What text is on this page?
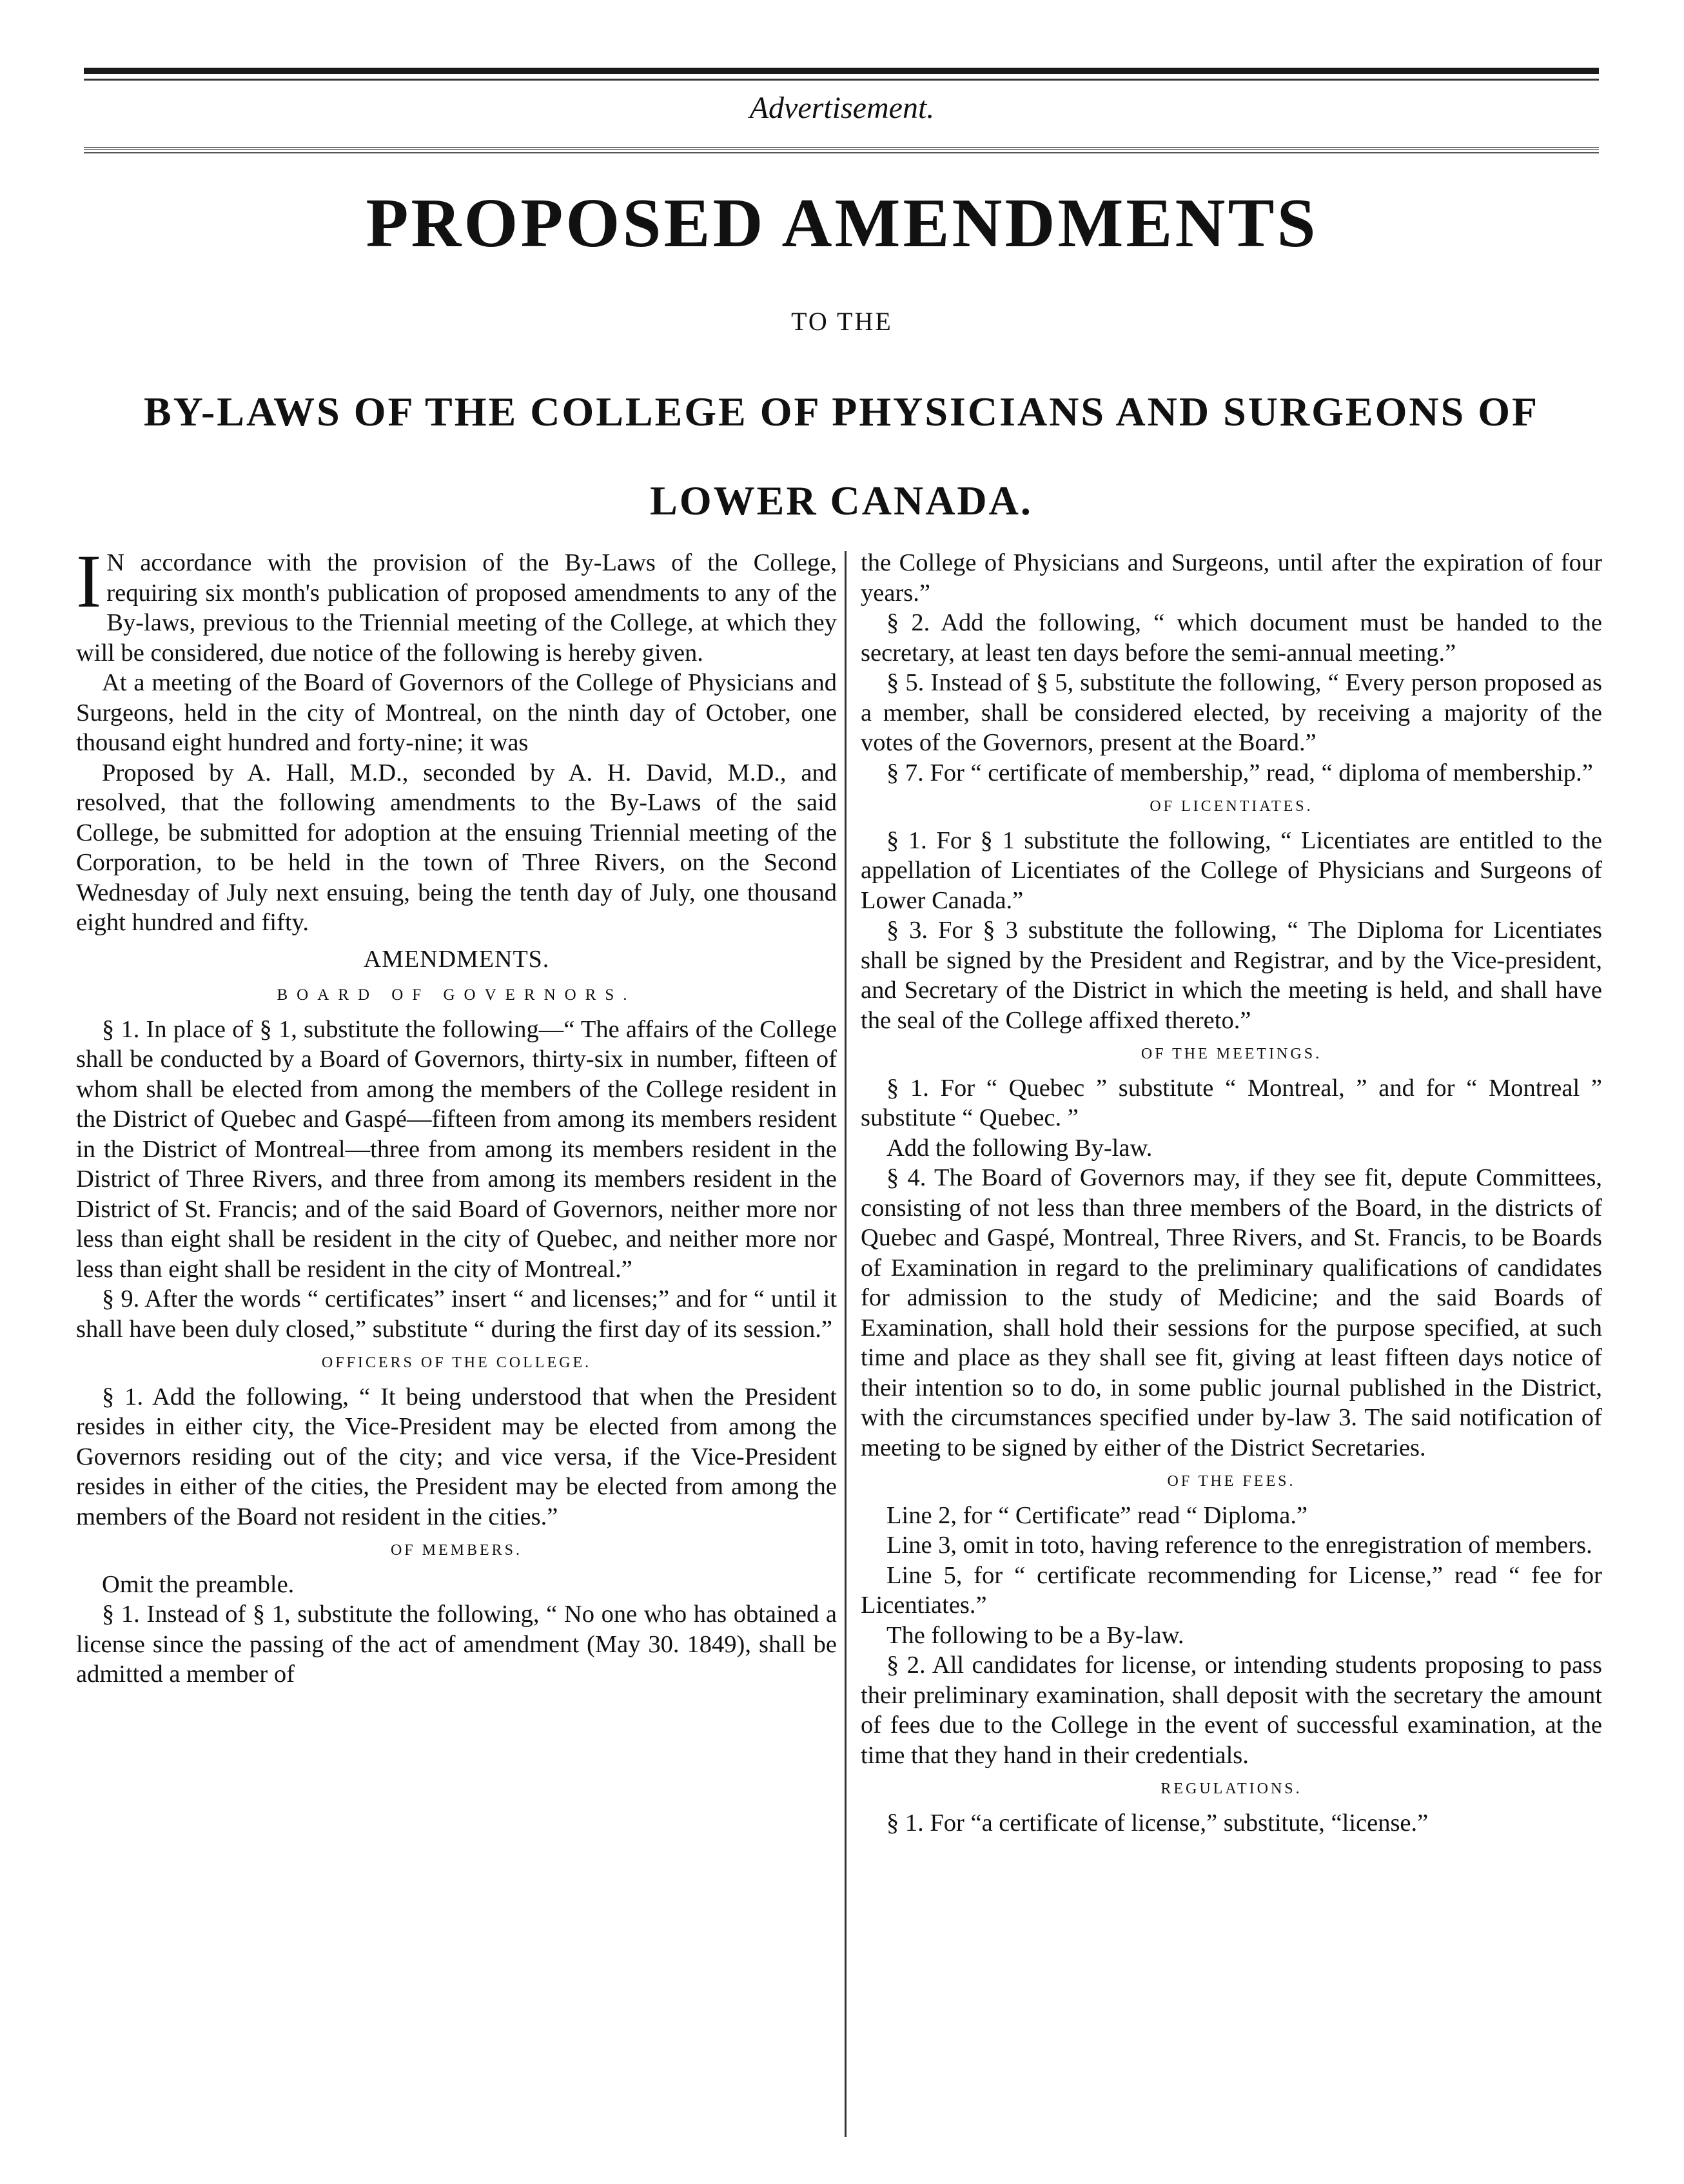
Advertisement.
PROPOSED AMENDMENTS
TO THE
BY-LAWS OF THE COLLEGE OF PHYSICIANS AND SURGEONS OF
LOWER CANADA.

I N accordance with the provision of the By-Laws of the College, requiring six month's publication of proposed amendments to any of the By-laws, previous to the Triennial meeting of the College, at which they will be considered, due notice of the following is hereby given.

At a meeting of the Board of Governors of the College of Physicians and Surgeons, held in the city of Montreal, on the ninth day of October, one thousand eight hundred and forty-nine; it was

Proposed by A. Hall, M.D., seconded by A. H. David, M.D., and resolved, that the following amendments to the By-Laws of the said College, be submitted for adoption at the ensuing Triennial meeting of the Corporation, to be held in the town of Three Rivers, on the Second Wednesday of July next ensuing, being the tenth day of July, one thousand eight hundred and fifty.

AMENDMENTS.
BOARD OF GOVERNORS.

§ 1. In place of § 1, substitute the following—“ The affairs of the College shall be conducted by a Board of Governors, thirty-six in number, fifteen of whom shall be elected from among the members of the College resident in the District of Quebec and Gaspé—fifteen from among its members resident in the District of Montreal—three from among its members resident in the District of Three Rivers, and three from among its members resident in the District of St. Francis; and of the said Board of Governors, neither more nor less than eight shall be resident in the city of Quebec, and neither more nor less than eight shall be resident in the city of Montreal.”

§ 9. After the words “ certificates” insert “ and licenses;” and for “ until it shall have been duly closed,” substitute “ during the first day of its session.”

OFFICERS OF THE COLLEGE.

§ 1. Add the following, “ It being understood that when the President resides in either city, the Vice-President may be elected from among the Governors residing out of the city; and vice versa, if the Vice-President resides in either of the cities, the President may be elected from among the members of the Board not resident in the cities.”

OF MEMBERS.

Omit the preamble.

§ 1. Instead of § 1, substitute the following, “ No one who has obtained a license since the passing of the act of amendment (May 30. 1849), shall be admitted a member of

the College of Physicians and Surgeons, until after the expiration of four years.”

§ 2. Add the following, “ which document must be handed to the secretary, at least ten days before the semi-annual meeting.”

§ 5. Instead of § 5, substitute the following, “ Every person proposed as a member, shall be considered elected, by receiving a majority of the votes of the Governors, present at the Board.”

§ 7. For “ certificate of membership,” read, “ diploma of membership.”

OF LICENTIATES.

§ 1. For § 1 substitute the following, “ Licentiates are entitled to the appellation of Licentiates of the College of Physicians and Surgeons of Lower Canada.”

§ 3. For § 3 substitute the following, “ The Diploma for Licentiates shall be signed by the President and Registrar, and by the Vice-president, and Secretary of the District in which the meeting is held, and shall have the seal of the College affixed thereto.”

OF THE MEETINGS.

§ 1. For “ Quebec ” substitute “ Montreal, ” and for “ Montreal ” substitute “ Quebec. ”

Add the following By-law.

§ 4. The Board of Governors may, if they see fit, depute Committees, consisting of not less than three members of the Board, in the districts of Quebec and Gaspé, Montreal, Three Rivers, and St. Francis, to be Boards of Examination in regard to the preliminary qualifications of candidates for admission to the study of Medicine; and the said Boards of Examination, shall hold their sessions for the purpose specified, at such time and place as they shall see fit, giving at least fifteen days notice of their intention so to do, in some public journal published in the District, with the circumstances specified under by-law 3. The said notification of meeting to be signed by either of the District Secretaries.

OF THE FEES.

Line 2, for “ Certificate” read “ Diploma.”

Line 3, omit in toto, having reference to the enregistration of members.

Line 5, for “ certificate recommending for License,” read “ fee for Licentiates.”

The following to be a By-law.

§ 2. All candidates for license, or intending students proposing to pass their preliminary examination, shall deposit with the secretary the amount of fees due to the College in the event of successful examination, at the time that they hand in their credentials.

REGULATIONS.

§ 1. For “a certificate of license,” substitute, “license.”
